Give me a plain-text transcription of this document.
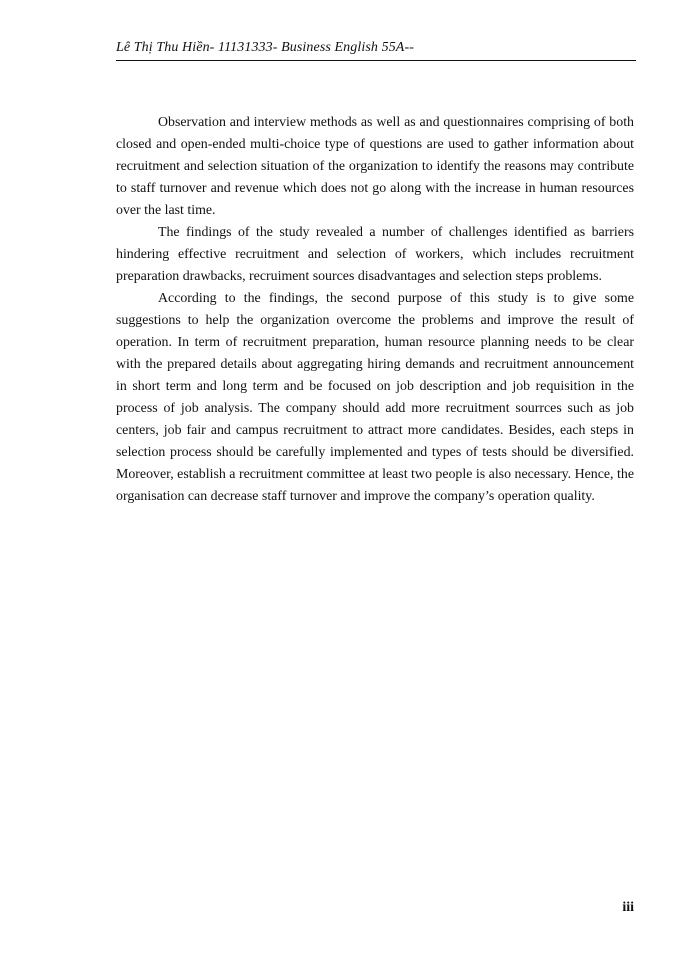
Lê Thị Thu Hiền- 11131333- Business English 55A--

Observation and interview methods as well as and questionnaires comprising of both closed and open-ended multi-choice type of questions are used to gather information about recruitment and selection situation of the organization to identify the reasons may contribute to staff turnover and revenue which does not go along with the increase in human resources over the last time.

The findings of the study revealed a number of challenges identified as barriers hindering effective recruitment and selection of workers, which includes recruitment preparation drawbacks, recruiment sources disadvantages and selection steps problems.

According to the findings, the second purpose of this study is to give some suggestions to help the organization overcome the problems and improve the result of operation. In term of recruitment preparation, human resource planning needs to be clear with the prepared details about aggregating hiring demands and recruitment announcement in short term and long term and be focused on job description and job requisition in the process of job analysis. The company should add more recruitment sourrces such as job centers, job fair and campus recruitment to attract more candidates. Besides, each steps in selection process should be carefully implemented and types of tests should be diversified. Moreover, establish a recruitment committee at least two people is also necessary. Hence, the organisation can decrease staff turnover and improve the company’s operation quality.

iii
